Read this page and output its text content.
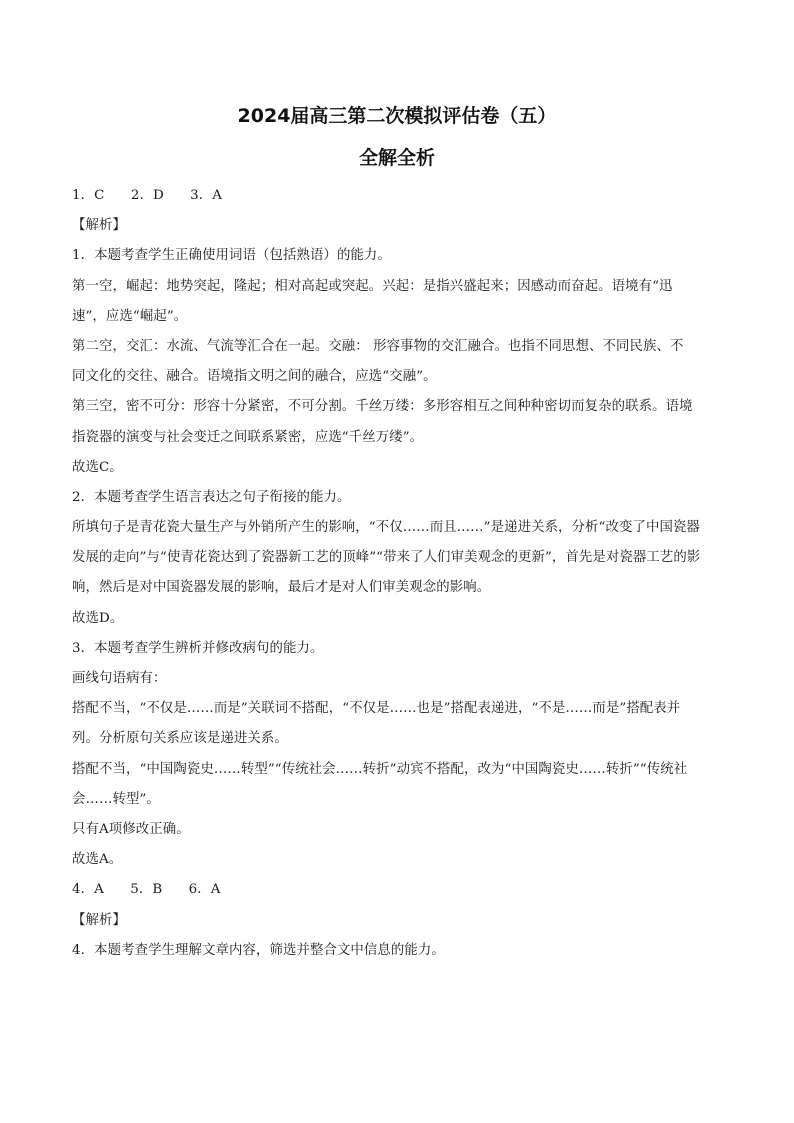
2024届高三第二次模拟评估卷（五）
全解全析

1．C 2．D 3．A

【解析】

1．本题考查学生正确使用词语（包括熟语）的能力。

第一空，崛起：地势突起，隆起；相对高起或突起。兴起：是指兴盛起来；因感动而奋起。语境有“迅

速”，应选“崛起”。

第二空，交汇：水流、气流等汇合在一起。交融： 形容事物的交汇融合。也指不同思想、不同民族、不

同文化的交往、融合。语境指文明之间的融合，应选“交融”。

第三空，密不可分：形容十分紧密，不可分割。千丝万缕：多形容相互之间种种密切而复杂的联系。语境

指瓷器的演变与社会变迁之间联系紧密，应选“千丝万缕”。

故选C。

2．本题考查学生语言表达之句子衔接的能力。

所填句子是青花瓷大量生产与外销所产生的影响，“不仅……而且……”是递进关系，分析“改变了中国瓷器

发展的走向”与“使青花瓷达到了瓷器新工艺的顶峰”“带来了人们审美观念的更新”，首先是对瓷器工艺的影

响，然后是对中国瓷器发展的影响，最后才是对人们审美观念的影响。

故选D。

3．本题考查学生辨析并修改病句的能力。

画线句语病有：

搭配不当，“不仅是……而是”关联词不搭配，“不仅是……也是”搭配表递进，“不是……而是”搭配表并

列。分析原句关系应该是递进关系。

搭配不当，“中国陶瓷史……转型”“传统社会……转折”动宾不搭配，改为“中国陶瓷史……转折”“传统社

会……转型”。

只有A项修改正确。

故选A。

4．A 5．B 6．A

【解析】

4．本题考查学生理解文章内容，筛选并整合文中信息的能力。
